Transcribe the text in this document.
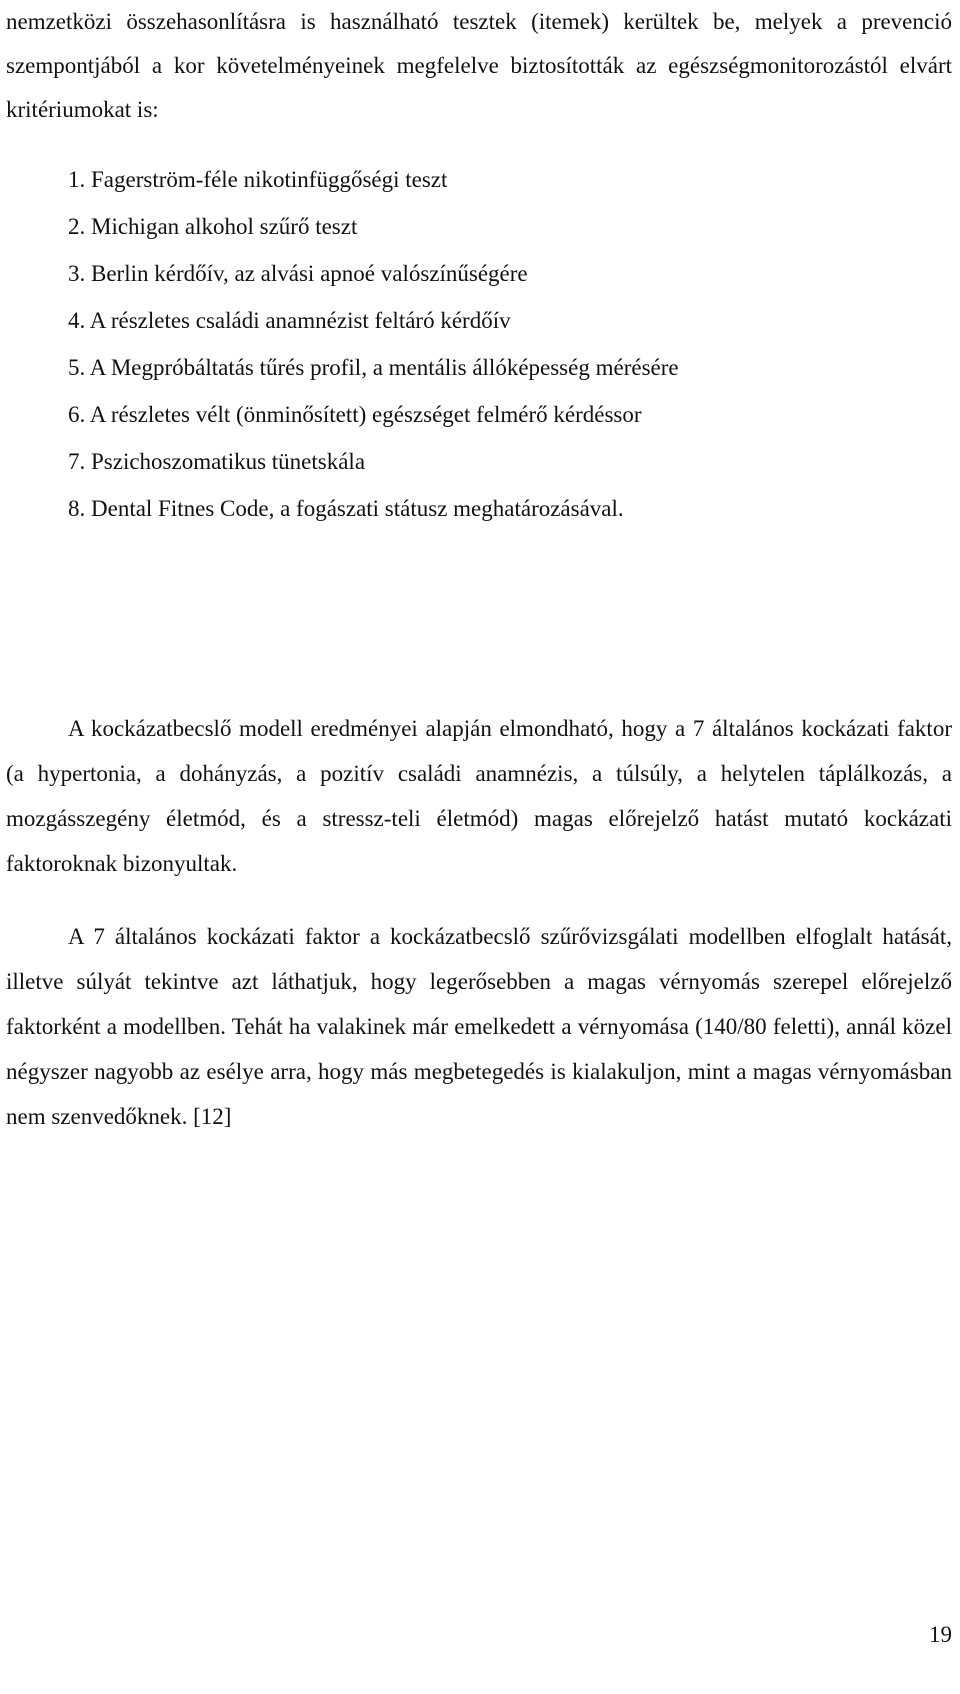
nemzetközi összehasonlításra is használható tesztek (itemek) kerültek be, melyek a prevenció szempontjából a kor követelményeinek megfelelve biztosították az egészségmonitorozástól elvárt kritériumokat is:

1. Fagerström-féle nikotinfüggőségi teszt
2. Michigan alkohol szűrő teszt
3. Berlin kérdőív, az alvási apnoé valószínűségére
4. A részletes családi anamnézist feltáró kérdőív
5. A Megpróbáltatás tűrés profil, a mentális állóképesség mérésére
6. A részletes vélt (önminősített) egészséget felmérő kérdéssor
7. Pszichoszomatikus tünetskála
8. Dental Fitnes Code, a fogászati státusz meghatározásával.

A kockázatbecslő modell eredményei alapján elmondható, hogy a 7 általános kockázati faktor (a hypertonia, a dohányzás, a pozitív családi anamnézis, a túlsúly, a helytelen táplálkozás, a mozgásszegény életmód, és a stressz-teli életmód) magas előrejelző hatást mutató kockázati faktoroknak bizonyultak.

A 7 általános kockázati faktor a kockázatbecslő szűrővizsgálati modellben elfoglalt hatását, illetve súlyát tekintve azt láthatjuk, hogy legerősebben a magas vérnyomás szerepel előrejelző faktorként a modellben. Tehát ha valakinek már emelkedett a vérnyomása (140/80 feletti), annál közel négyszer nagyobb az esélye arra, hogy más megbetegedés is kialakuljon, mint a magas vérnyomásban nem szenvedőknek. [12]

19
